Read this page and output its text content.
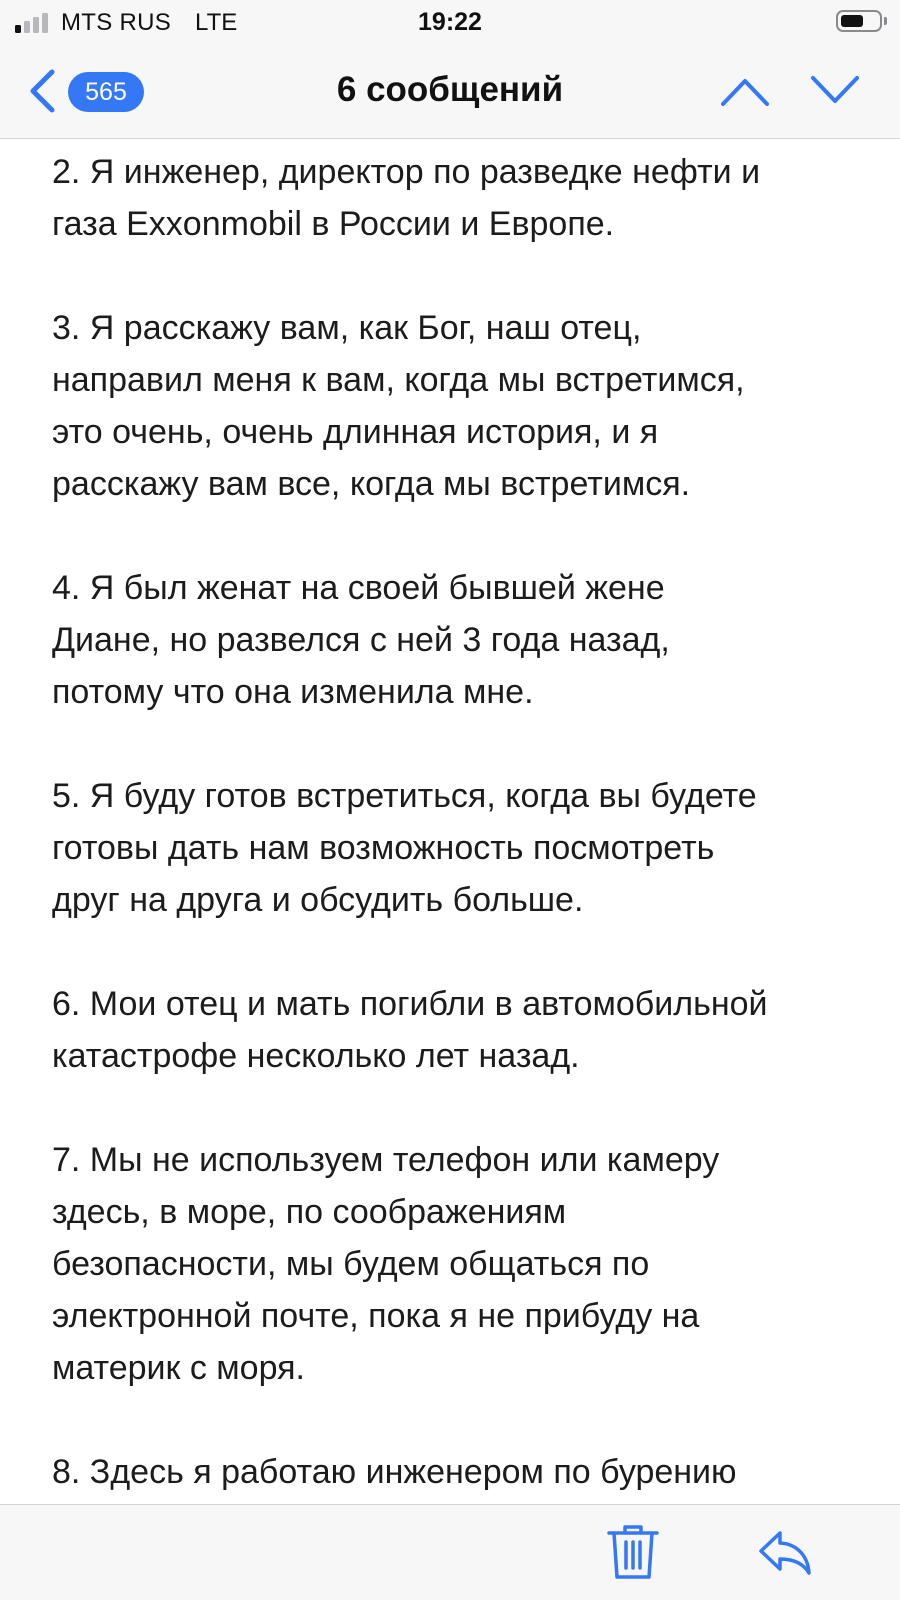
MTS RUS LTE	19:22
565	6 сообщений

2. Я инженер, директор по разведке нефти и
газа Exxonmobil в России и Европе.

3. Я расскажу вам, как Бог, наш отец,
направил меня к вам, когда мы встретимся,
это очень, очень длинная история, и я
расскажу вам все, когда мы встретимся.

4. Я был женат на своей бывшей жене
Диане, но развелся с ней 3 года назад,
потому что она изменила мне.

5. Я буду готов встретиться, когда вы будете
готовы дать нам возможность посмотреть
друг на друга и обсудить больше.

6. Мои отец и мать погибли в автомобильной
катастрофе несколько лет назад.

7. Мы не используем телефон или камеру
здесь, в море, по соображениям
безопасности, мы будем общаться по
электронной почте, пока я не прибуду на
материк с моря.

8. Здесь я работаю инженером по бурению
